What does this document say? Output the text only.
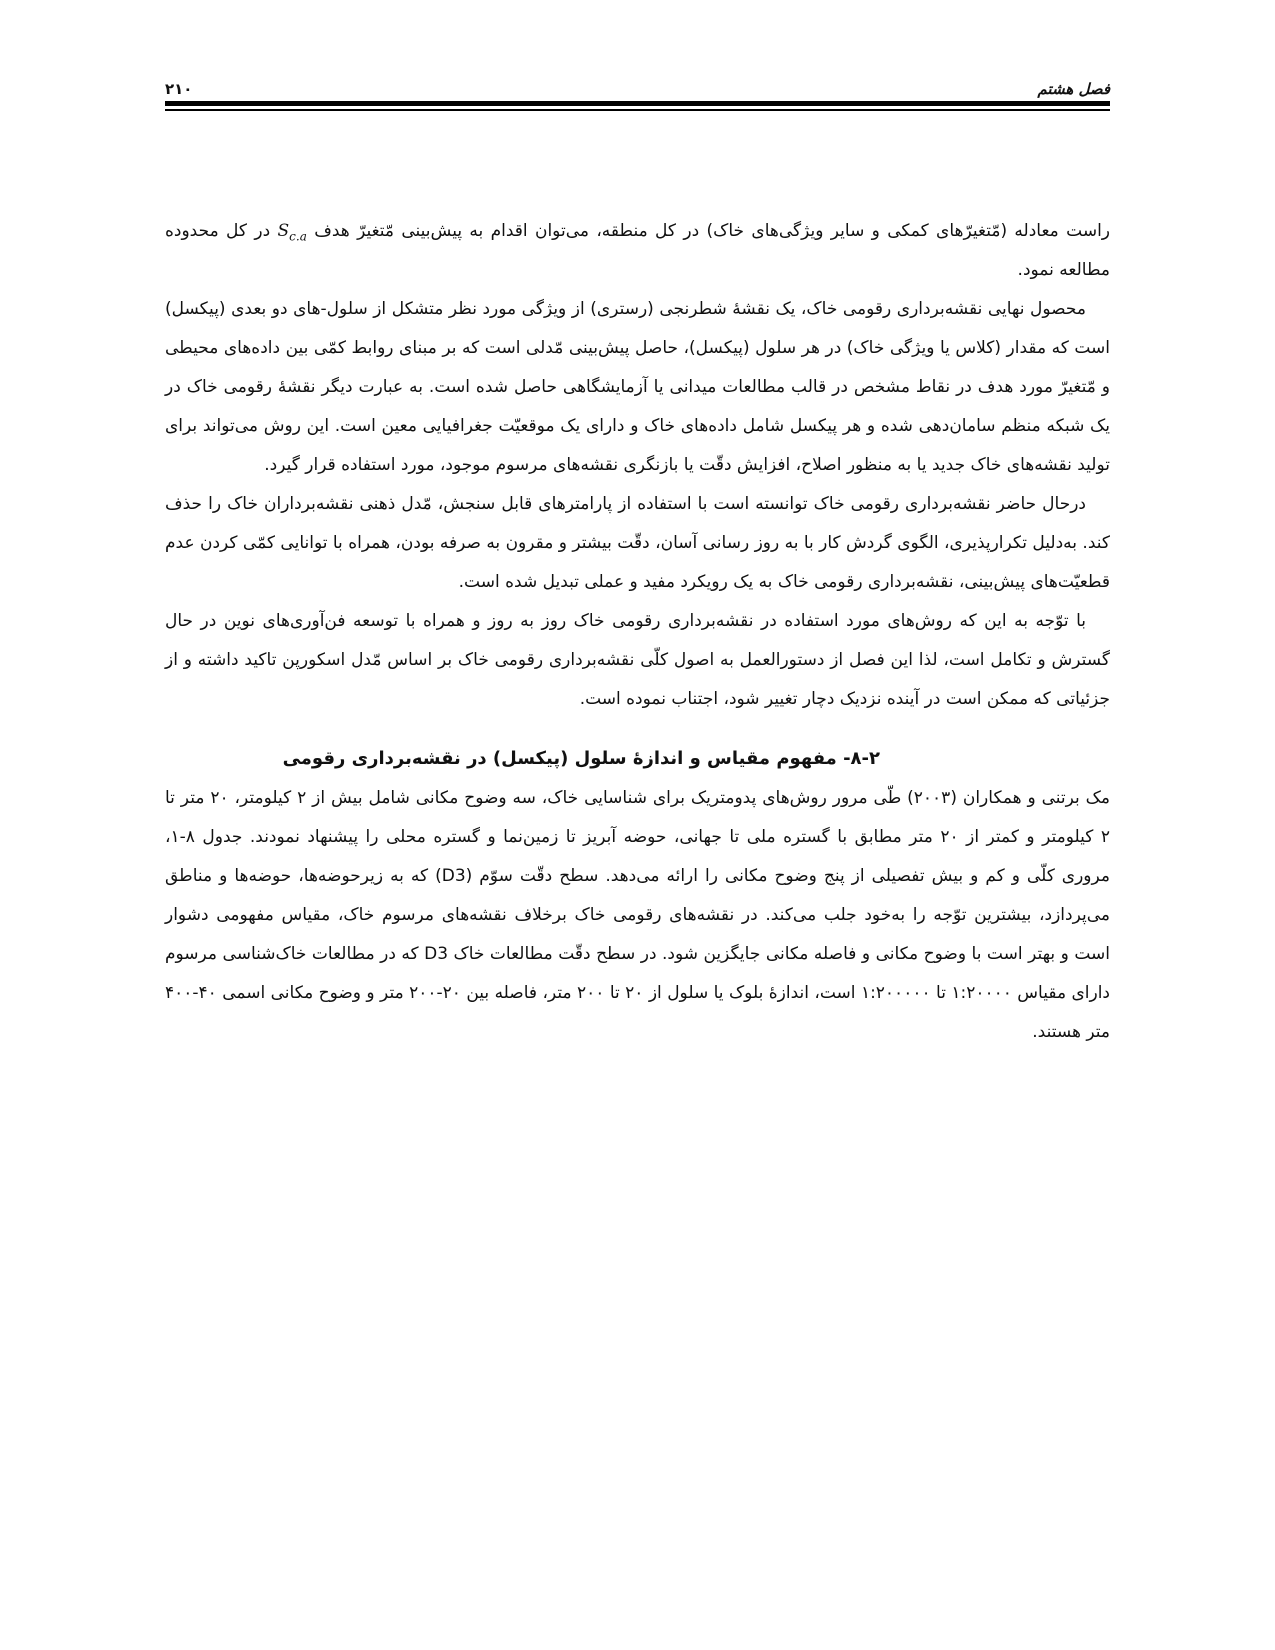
فصل هشتم
۲۱۰

راست معادله (مّتغیرّهای کمکی و سایر ویژگی‌های خاک) در کل منطقه، می‌توان اقدام به پیش‌بینی مّتغیرّ هدف $S_{c.a}$ در کل محدوده مطالعه نمود.

محصول نهایی نقشه‌برداری رقومی خاک، یک نقشۀ شطرنجی (رستری) از ویژگی مورد نظر متشکل از سلول-های دو بعدی (پیکسل) است که مقدار (کلاس یا ویژگی خاک) در هر سلول (پیکسل)، حاصل پیش‌بینی مّدلی است که بر مبنای روابط کمّی بین داده‌های محیطی و مّتغیرّ مورد هدف در نقاط مشخص در قالب مطالعات میدانی یا آزمایشگاهی حاصل شده است. به عبارت دیگر نقشۀ رقومی خاک در یک شبکه منظم سامان‌دهی شده و هر پیکسل شامل داده‌های خاک و دارای یک موقعیّت جغرافیایی معین است. این روش می‌تواند برای تولید نقشه‌های خاک جدید یا به منظور اصلاح، افزایش دقّت یا بازنگری نقشه‌های مرسوم موجود، مورد استفاده قرار گیرد.

درحال حاضر نقشه‌برداری رقومی خاک توانسته است با استفاده از پارامترهای قابل سنجش، مّدل ذهنی نقشه‌برداران خاک را حذف کند. به‌دلیل تکرارپذیری، الگوی گردش کار با به روز رسانی آسان، دقّت بیشتر و مقرون به صرفه بودن، همراه با توانایی کمّی کردن عدم قطعیّت‌های پیش‌بینی، نقشه‌برداری رقومی خاک به یک رویکرد مفید و عملی تبدیل شده است.

با توّجه به این که روش‌های مورد استفاده در نقشه‌برداری رقومی خاک روز به روز و همراه با توسعه فن‌آوری‌های نوین در حال گسترش و تکامل است، لذا این فصل از دستورالعمل به اصول کلّی نقشه‌برداری رقومی خاک بر اساس مّدل اسکورپن تاکید داشته و از جزئیاتی که ممکن است در آینده نزدیک دچار تغییر شود، اجتناب نموده است.

۸-۲- مفهوم مقیاس و اندازۀ سلول (پیکسل) در نقشه‌برداری رقومی

مک برتنی و همکاران (۲۰۰۳) طّی مرور روش‌های پدومتریک برای شناسایی خاک، سه وضوح مکانی شامل بیش از ۲ کیلومتر، ۲۰ متر تا ۲ کیلومتر و کمتر از ۲۰ متر مطابق با گستره ملی تا جهانی، حوضه آبریز تا زمین‌نما و گستره محلی را پیشنهاد نمودند. جدول ۸-۱، مروری کلّی و کم و بیش تفصیلی از پنج وضوح مکانی را ارائه می‌دهد. سطح دقّت سوّم (D3) که به زیرحوضه‌ها، حوضه‌ها و مناطق می‌پردازد، بیشترین توّجه را به‌خود جلب می‌کند. در نقشه‌های رقومی خاک برخلاف نقشه‌های مرسوم خاک، مقیاس مفهومی دشوار است و بهتر است با وضوح مکانی و فاصله مکانی جایگزین شود. در سطح دقّت مطالعات خاک D3 که در مطالعات خاک‌شناسی مرسوم دارای مقیاس ۱:۲۰۰۰۰ تا ۱:۲۰۰۰۰۰ است، اندازۀ بلوک یا سلول از ۲۰ تا ۲۰۰ متر، فاصله بین ۲۰-۲۰۰ متر و وضوح مکانی اسمی ۴۰-۴۰۰ متر هستند.
